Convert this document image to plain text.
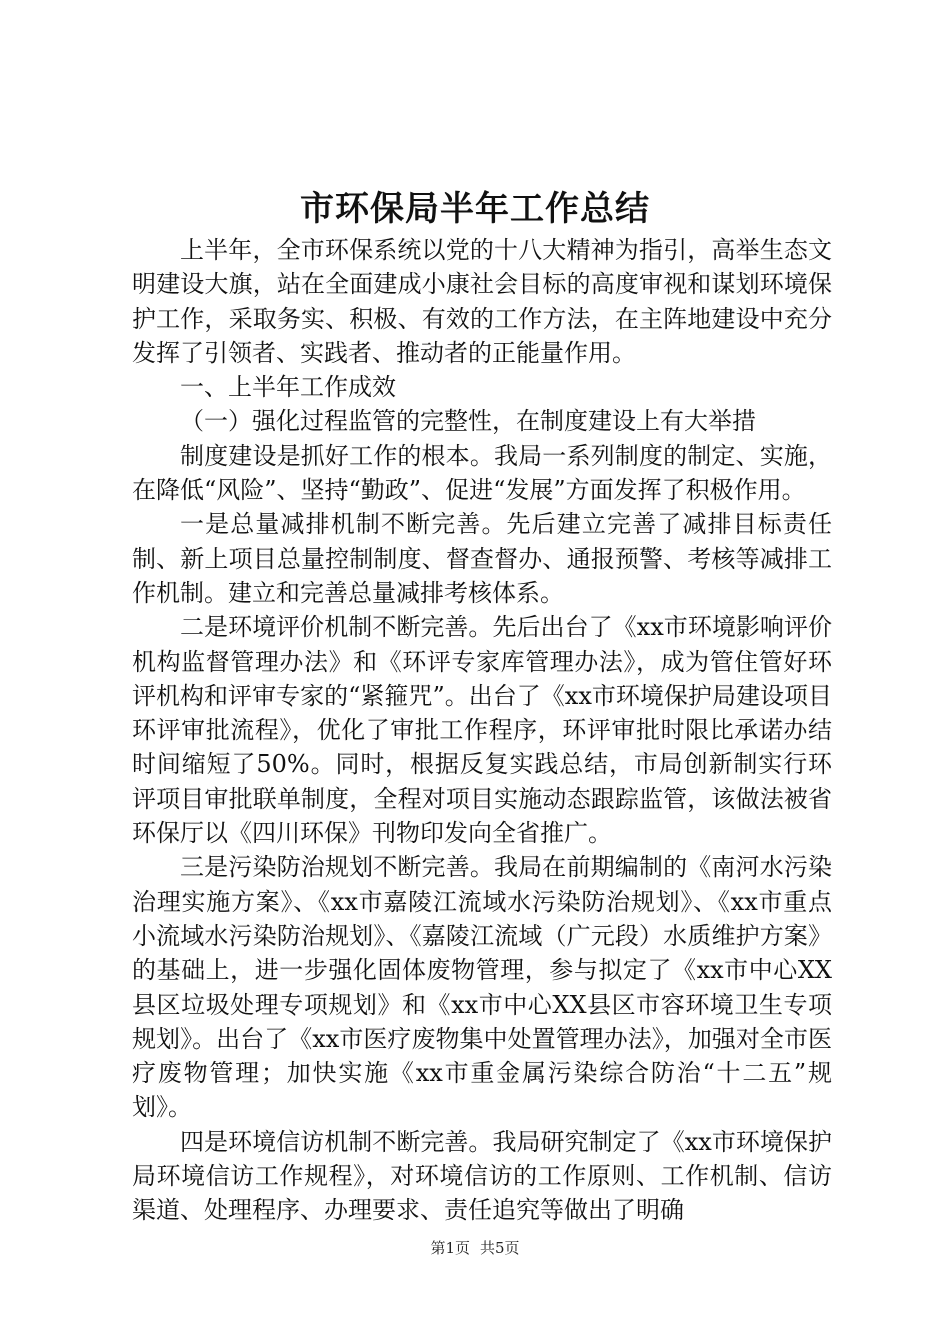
市环保局半年工作总结

上半年，全市环保系统以党的十八大精神为指引，高举生态文明建设大旗，站在全面建成小康社会目标的高度审视和谋划环境保护工作，采取务实、积极、有效的工作方法，在主阵地建设中充分发挥了引领者、实践者、推动者的正能量作用。

一、上半年工作成效

（一）强化过程监管的完整性，在制度建设上有大举措

制度建设是抓好工作的根本。我局一系列制度的制定、实施，在降低“风险”、坚持“勤政”、促进“发展”方面发挥了积极作用。

一是总量减排机制不断完善。先后建立完善了减排目标责任制、新上项目总量控制制度、督查督办、通报预警、考核等减排工作机制。建立和完善总量减排考核体系。

二是环境评价机制不断完善。先后出台了《xx市环境影响评价机构监督管理办法》和《环评专家库管理办法》，成为管住管好环评机构和评审专家的“紧箍咒”。出台了《xx市环境保护局建设项目环评审批流程》，优化了审批工作程序，环评审批时限比承诺办结时间缩短了50%。同时，根据反复实践总结，市局创新制实行环评项目审批联单制度，全程对项目实施动态跟踪监管，该做法被省环保厅以《四川环保》刊物印发向全省推广。

三是污染防治规划不断完善。我局在前期编制的《南河水污染治理实施方案》、《xx市嘉陵江流域水污染防治规划》、《xx市重点小流域水污染防治规划》、《嘉陵江流域（广元段）水质维护方案》的基础上，进一步强化固体废物管理，参与拟定了《xx市中心XX县区垃圾处理专项规划》和《xx市中心XX县区市容环境卫生专项规划》。出台了《xx市医疗废物集中处置管理办法》，加强对全市医疗废物管理；加快实施《xx市重金属污染综合防治“十二五”规划》。

四是环境信访机制不断完善。我局研究制定了《xx市环境保护局环境信访工作规程》，对环境信访的工作原则、工作机制、信访渠道、处理程序、办理要求、责任追究等做出了明确

第1页 共5页
